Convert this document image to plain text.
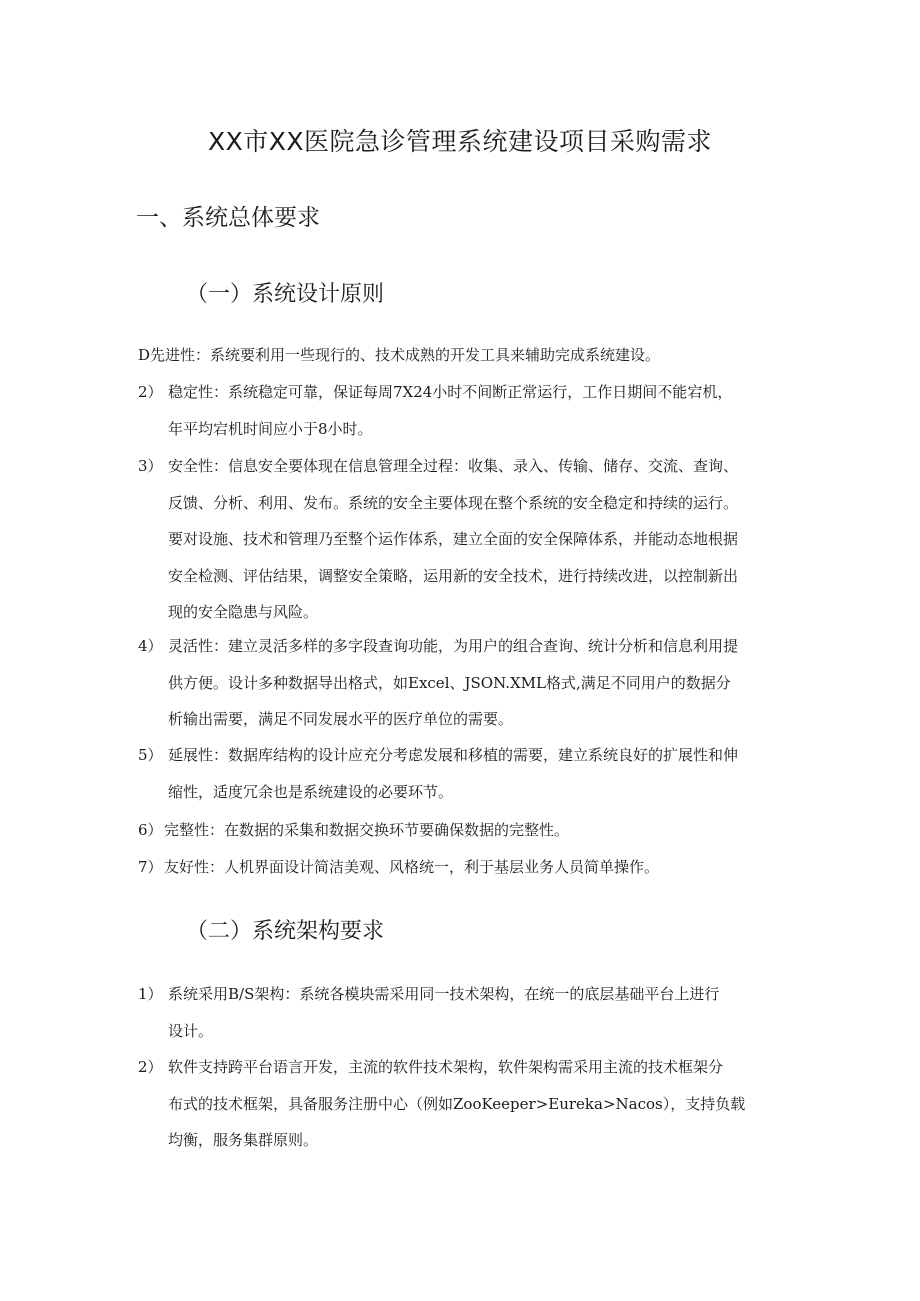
XX市XX医院急诊管理系统建设项目采购需求
一、系统总体要求
（一）系统设计原则
D先进性：系统要利用一些现行的、技术成熟的开发工具来辅助完成系统建设。
2） 稳定性：系统稳定可靠，保证每周7X24小时不间断正常运行，工作日期间不能宕机，
年平均宕机时间应小于8小时。
3） 安全性：信息安全要体现在信息管理全过程：收集、录入、传输、储存、交流、查询、
反馈、分析、利用、发布。系统的安全主要体现在整个系统的安全稳定和持续的运行。
要对设施、技术和管理乃至整个运作体系，建立全面的安全保障体系，并能动态地根据
安全检测、评估结果，调整安全策略，运用新的安全技术，进行持续改进，以控制新出
现的安全隐患与风险。
4） 灵活性：建立灵活多样的多字段查询功能，为用户的组合查询、统计分析和信息利用提
供方便。设计多种数据导出格式，如Excel、JSON.XML格式,满足不同用户的数据分
析输出需要，满足不同发展水平的医疗单位的需要。
5） 延展性：数据库结构的设计应充分考虑发展和移植的需要，建立系统良好的扩展性和伸
缩性，适度冗余也是系统建设的必要环节。
6）完整性：在数据的采集和数据交换环节要确保数据的完整性。
7）友好性：人机界面设计简洁美观、风格统一，利于基层业务人员简单操作。
（二）系统架构要求
1） 系统采用B/S架构：系统各模块需采用同一技术架构，在统一的底层基础平台上进行
设计。
2） 软件支持跨平台语言开发，主流的软件技术架构，软件架构需采用主流的技术框架分
布式的技术框架，具备服务注册中心（例如ZooKeeper>Eureka>Nacos），支持负载
均衡，服务集群原则。
